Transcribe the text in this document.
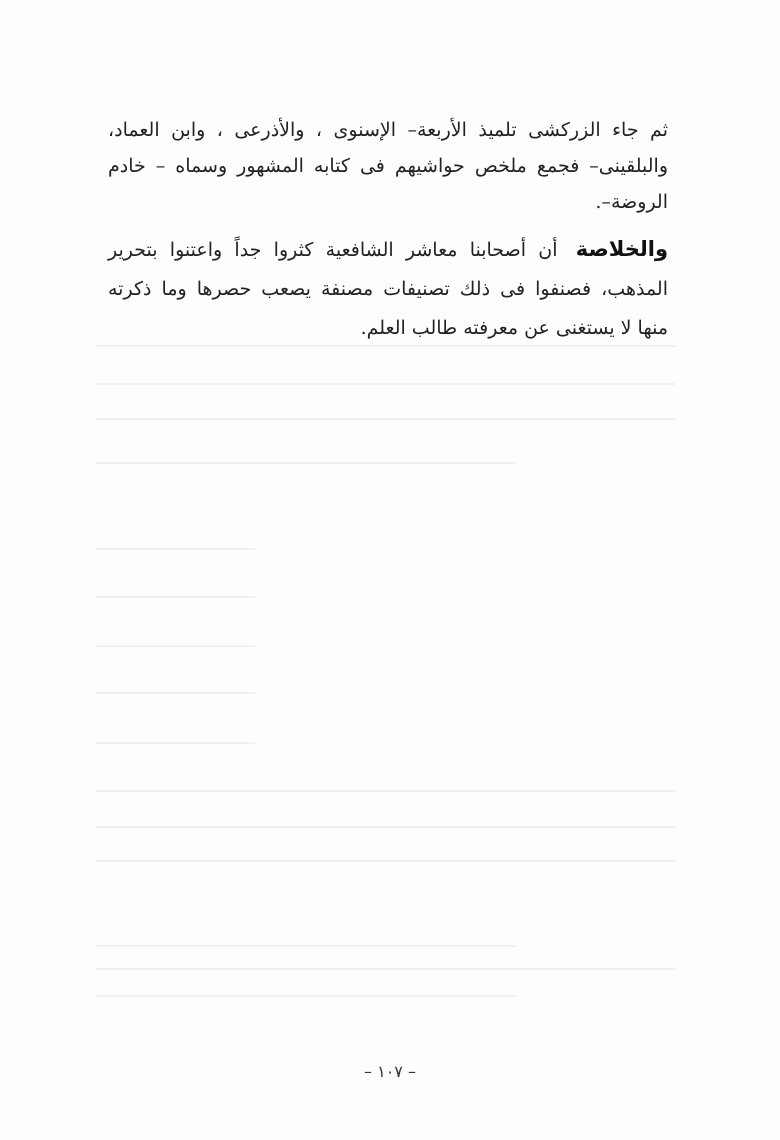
ثم جاء الزركشى تلميذ الأربعة– الإسنوى ، والأذرعى ، وابن العماد، والبلقينى– فجمع ملخص حواشيهم فى كتابه المشهور وسماه – خادم الروضة–.
والخلاصة أن أصحابنا معاشر الشافعية كثروا جداً واعتنوا بتحرير المذهب، فصنفوا فى ذلك تصنيفات مصنفة يصعب حصرها وما ذكرته منها لا يستغنى عن معرفته طالب العلم.
– ١٠٧ –
